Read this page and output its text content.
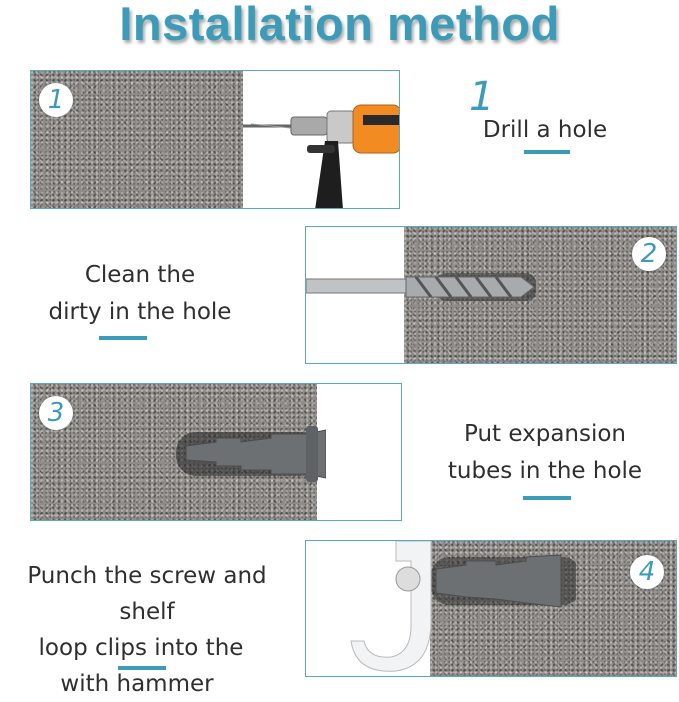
Installation method
1	1
Drill a hole
2
Clean the
dirty in the hole
3
Put expansion
tubes in the hole
4
Punch the screw and shelf
loop clips into the
with hammer
